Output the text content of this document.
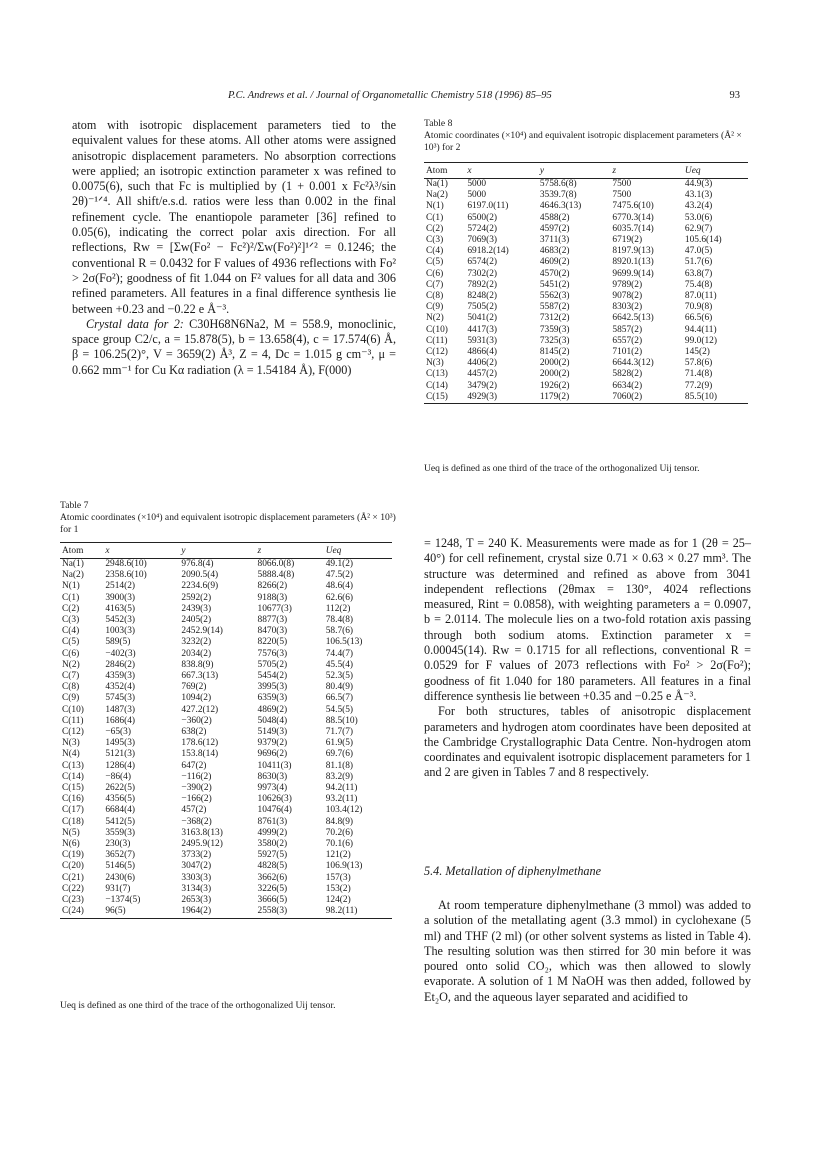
P.C. Andrews et al. / Journal of Organometallic Chemistry 518 (1996) 85–95	93

atom with isotropic displacement parameters tied to the equivalent values for these atoms. All other atoms were assigned anisotropic displacement parameters. No absorption corrections were applied; an isotropic extinction parameter x was refined to 0.0075(6), such that Fc is multiplied by (1 + 0.001 x Fc²λ³/sin 2θ)⁻¹ᐟ⁴. All shift/e.s.d. ratios were less than 0.002 in the final refinement cycle. The enantiopole parameter [36] refined to 0.05(6), indicating the correct polar axis direction. For all reflections, Rw = [Σw(Fo² − Fc²)²/Σw(Fo²)²]¹ᐟ² = 0.1246; the conventional R = 0.0432 for F values of 4936 reflections with Fo² > 2σ(Fo²); goodness of fit 1.044 on F² values for all data and 306 refined parameters. All features in a final difference synthesis lie between +0.23 and −0.22 e Å⁻³.

Crystal data for 2: C30H68N6Na2, M = 558.9, monoclinic, space group C2/c, a = 15.878(5), b = 13.658(4), c = 17.574(6) Å, β = 106.25(2)°, V = 3659(2) Å³, Z = 4, Dc = 1.015 g cm⁻³, μ = 0.662 mm⁻¹ for Cu Kα radiation (λ = 1.54184 Å), F(000)

Table 8
Atomic coordinates (×10⁴) and equivalent isotropic displacement parameters (Å² × 10³) for 2
Atom	x	y	z	Ueq
Na(1)	5000	5758.6(8)	7500	44.9(3)
Na(2)	5000	3539.7(8)	7500	43.1(3)
N(1)	6197.0(11)	4646.3(13)	7475.6(10)	43.2(4)
C(1)	6500(2)	4588(2)	6770.3(14)	53.0(6)
C(2)	5724(2)	4597(2)	6035.7(14)	62.9(7)
C(3)	7069(3)	3711(3)	6719(2)	105.6(14)
C(4)	6918.2(14)	4683(2)	8197.9(13)	47.0(5)
C(5)	6574(2)	4609(2)	8920.1(13)	51.7(6)
C(6)	7302(2)	4570(2)	9699.9(14)	63.8(7)
C(7)	7892(2)	5451(2)	9789(2)	75.4(8)
C(8)	8248(2)	5562(3)	9078(2)	87.0(11)
C(9)	7505(2)	5587(2)	8303(2)	70.9(8)
N(2)	5041(2)	7312(2)	6642.5(13)	66.5(6)
C(10)	4417(3)	7359(3)	5857(2)	94.4(11)
C(11)	5931(3)	7325(3)	6557(2)	99.0(12)
C(12)	4866(4)	8145(2)	7101(2)	145(2)
N(3)	4406(2)	2000(2)	6644.3(12)	57.8(6)
C(13)	4457(2)	2000(2)	5828(2)	71.4(8)
C(14)	3479(2)	1926(2)	6634(2)	77.2(9)
C(15)	4929(3)	1179(2)	7060(2)	85.5(10)
Ueq is defined as one third of the trace of the orthogonalized Uij tensor.
Table 7
Atomic coordinates (×10⁴) and equivalent isotropic displacement parameters (Å² × 10³) for 1
Atom	x	y	z	Ueq
Na(1)	2948.6(10)	976.8(4)	8066.0(8)	49.1(2)
Na(2)	2358.6(10)	2090.5(4)	5888.4(8)	47.5(2)
N(1)	2514(2)	2234.6(9)	8266(2)	48.6(4)
C(1)	3900(3)	2592(2)	9188(3)	62.6(6)
C(2)	4163(5)	2439(3)	10677(3)	112(2)
C(3)	5452(3)	2405(2)	8877(3)	78.4(8)
C(4)	1003(3)	2452.9(14)	8470(3)	58.7(6)
C(5)	589(5)	3232(2)	8220(5)	106.5(13)
C(6)	−402(3)	2034(2)	7576(3)	74.4(7)
N(2)	2846(2)	838.8(9)	5705(2)	45.5(4)
C(7)	4359(3)	667.3(13)	5454(2)	52.3(5)
C(8)	4352(4)	769(2)	3995(3)	80.4(9)
C(9)	5745(3)	1094(2)	6359(3)	66.5(7)
C(10)	1487(3)	427.2(12)	4869(2)	54.5(5)
C(11)	1686(4)	−360(2)	5048(4)	88.5(10)
C(12)	−65(3)	638(2)	5149(3)	71.7(7)
N(3)	1495(3)	178.6(12)	9379(2)	61.9(5)
N(4)	5121(3)	153.8(14)	9696(2)	69.7(6)
C(13)	1286(4)	647(2)	10411(3)	81.1(8)
C(14)	−86(4)	−116(2)	8630(3)	83.2(9)
C(15)	2622(5)	−390(2)	9973(4)	94.2(11)
C(16)	4356(5)	−166(2)	10626(3)	93.2(11)
C(17)	6684(4)	457(2)	10476(4)	103.4(12)
C(18)	5412(5)	−368(2)	8761(3)	84.8(9)
N(5)	3559(3)	3163.8(13)	4999(2)	70.2(6)
N(6)	230(3)	2495.9(12)	3580(2)	70.1(6)
C(19)	3652(7)	3733(2)	5927(5)	121(2)
C(20)	5146(5)	3047(2)	4828(5)	106.9(13)
C(21)	2430(6)	3303(3)	3662(6)	157(3)
C(22)	931(7)	3134(3)	3226(5)	153(2)
C(23)	−1374(5)	2653(3)	3666(5)	124(2)
C(24)	96(5)	1964(2)	2558(3)	98.2(11)
Ueq is defined as one third of the trace of the orthogonalized Uij tensor.

= 1248, T = 240 K. Measurements were made as for 1 (2θ = 25–40°) for cell refinement, crystal size 0.71 × 0.63 × 0.27 mm³. The structure was determined and refined as above from 3041 independent reflections (2θmax = 130°, 4024 reflections measured, Rint = 0.0858), with weighting parameters a = 0.0907, b = 2.0114. The molecule lies on a two-fold rotation axis passing through both sodium atoms. Extinction parameter x = 0.00045(14). Rw = 0.1715 for all reflections, conventional R = 0.0529 for F values of 2073 reflections with Fo² > 2σ(Fo²); goodness of fit 1.040 for 180 parameters. All features in a final difference synthesis lie between +0.35 and −0.25 e Å⁻³.

For both structures, tables of anisotropic displacement parameters and hydrogen atom coordinates have been deposited at the Cambridge Crystallographic Data Centre. Non-hydrogen atom coordinates and equivalent isotropic displacement parameters for 1 and 2 are given in Tables 7 and 8 respectively.

5.4. Metallation of diphenylmethane

At room temperature diphenylmethane (3 mmol) was added to a solution of the metallating agent (3.3 mmol) in cyclohexane (5 ml) and THF (2 ml) (or other solvent systems as listed in Table 4). The resulting solution was then stirred for 30 min before it was poured onto solid CO₂, which was then allowed to slowly evaporate. A solution of 1 M NaOH was then added, followed by Et₂O, and the aqueous layer separated and acidified to
